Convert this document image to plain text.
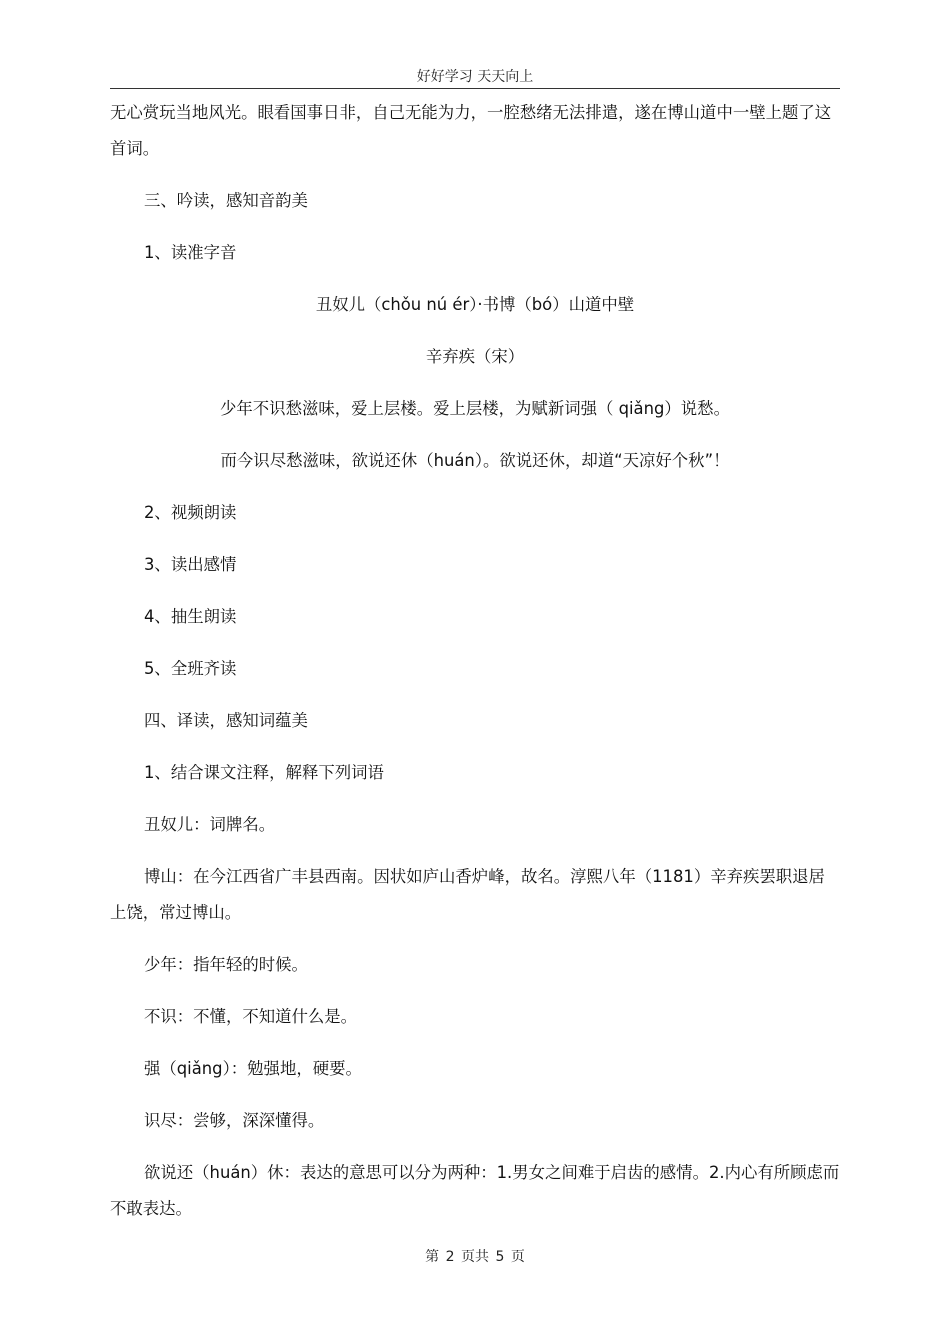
好好学习 天天向上

无心赏玩当地风光。眼看国事日非，自己无能为力，一腔愁绪无法排遣，遂在博山道中一壁上题了这首词。

三、吟读，感知音韵美

1、读准字音

丑奴儿（chǒu nú ér）·书博（bó）山道中壁

辛弃疾（宋）

少年不识愁滋味，爱上层楼。爱上层楼，为赋新词强（ qiǎng）说愁。

而今识尽愁滋味，欲说还休（huán）。欲说还休，却道“天凉好个秋”！

2、视频朗读

3、读出感情

4、抽生朗读

5、全班齐读

四、译读，感知词蕴美

1、结合课文注释，解释下列词语

丑奴儿：词牌名。

博山：在今江西省广丰县西南。因状如庐山香炉峰，故名。淳熙八年（1181）辛弃疾罢职退居上饶，常过博山。

少年：指年轻的时候。

不识：不懂，不知道什么是。

强（qiǎng）：勉强地，硬要。

识尽：尝够，深深懂得。

欲说还（huán）休：表达的意思可以分为两种：1.男女之间难于启齿的感情。2.内心有所顾虑而不敢表达。

第 2 页共 5 页
